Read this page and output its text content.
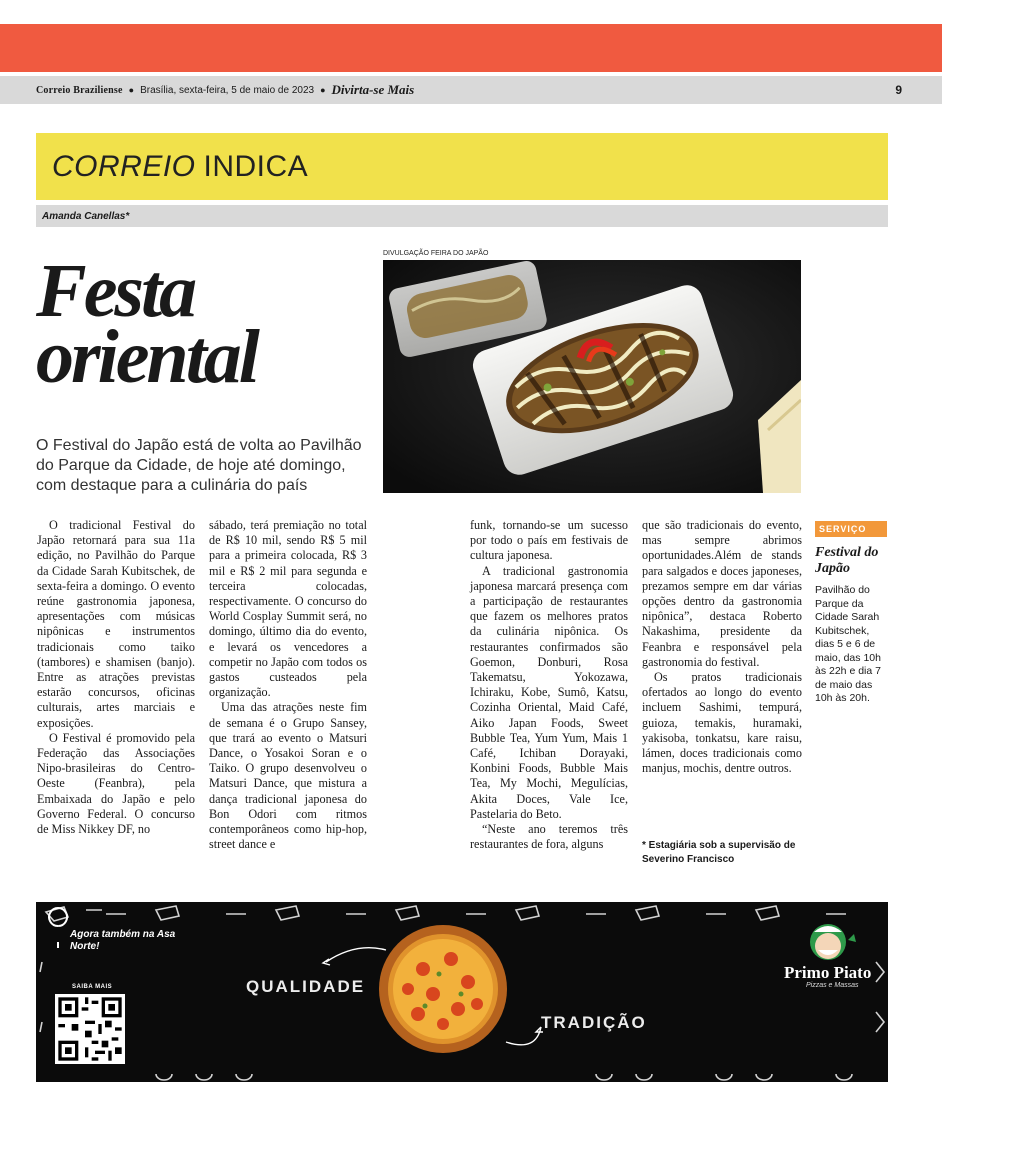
Correio Braziliense ● Brasília, sexta-feira, 5 de maio de 2023 ● Divirta-se Mais	9
CORREIO INDICA
Amanda Canellas*
Festa
oriental

O Festival do Japão está de volta ao Pavilhão do Parque da Cidade, de hoje até domingo, com destaque para a culinária do país

DIVULGAÇÃO FEIRA DO JAPÃO

O tradicional Festival do Japão retornará para sua 11a edição, no Pavilhão do Parque da Cidade Sarah Kubitschek, de sexta-feira a domingo. O evento reúne gastronomia japonesa, apresentações com músicas nipônicas e instrumentos tradicionais como taiko (tambores) e shamisen (banjo). Entre as atrações previstas estarão concursos, oficinas culturais, artes marciais e exposições.

O Festival é promovido pela Federação das Associações Nipo-brasileiras do Centro-Oeste (Feanbra), pela Embaixada do Japão e pelo Governo Federal. O concurso de Miss Nikkey DF, no

sábado, terá premiação no total de R$ 10 mil, sendo R$ 5 mil para a primeira colocada, R$ 3 mil e R$ 2 mil para segunda e terceira colocadas, respectivamente. O concurso do World Cosplay Summit será, no domingo, último dia do evento, e levará os vencedores a competir no Japão com todos os gastos custeados pela organização.

Uma das atrações neste fim de semana é o Grupo Sansey, que trará ao evento o Matsuri Dance, o Yosakoi Soran e o Taiko. O grupo desenvolveu o Matsuri Dance, que mistura a dança tradicional japonesa do Bon Odori com ritmos contemporâneos como hip-hop, street dance e

funk, tornando-se um sucesso por todo o país em festivais de cultura japonesa.

A tradicional gastronomia japonesa marcará presença com a participação de restaurantes que fazem os melhores pratos da culinária nipônica. Os restaurantes confirmados são Goemon, Donburi, Rosa Takematsu, Yokozawa, Ichiraku, Kobe, Sumô, Katsu, Cozinha Oriental, Maid Café, Aiko Japan Foods, Sweet Bubble Tea, Yum Yum, Mais 1 Café, Ichiban Dorayaki, Konbini Foods, Bubble Mais Tea, My Mochi, Megulícias, Akita Doces, Vale Ice, Pastelaria do Beto.

“Neste ano teremos três restaurantes de fora, alguns

que são tradicionais do evento, mas sempre abrimos oportunidades.Além de stands para salgados e doces japoneses, prezamos sempre em dar várias opções dentro da gastronomia nipônica”, destaca Roberto Nakashima, presidente da Feanbra e responsável pela gastronomia do festival.

Os pratos tradicionais ofertados ao longo do evento incluem Sashimi, tempurá, guioza, temakis, huramaki, yakisoba, tonkatsu, kare raisu, lámen, doces tradicionais como manjus, mochis, dentre outros.

* Estagiária sob a supervisão de Severino Francisco
SERVIÇO
Festival do Japão
Pavilhão do Parque da Cidade Sarah Kubitschek, dias 5 e 6 de maio, das 10h às 22h e dia 7 de maio das 10h às 20h.
Agora também na Asa Norte!
SAIBA MAIS	QUALIDADE
TRADIÇÃO
Primo Piato
Pizzas e Massas
